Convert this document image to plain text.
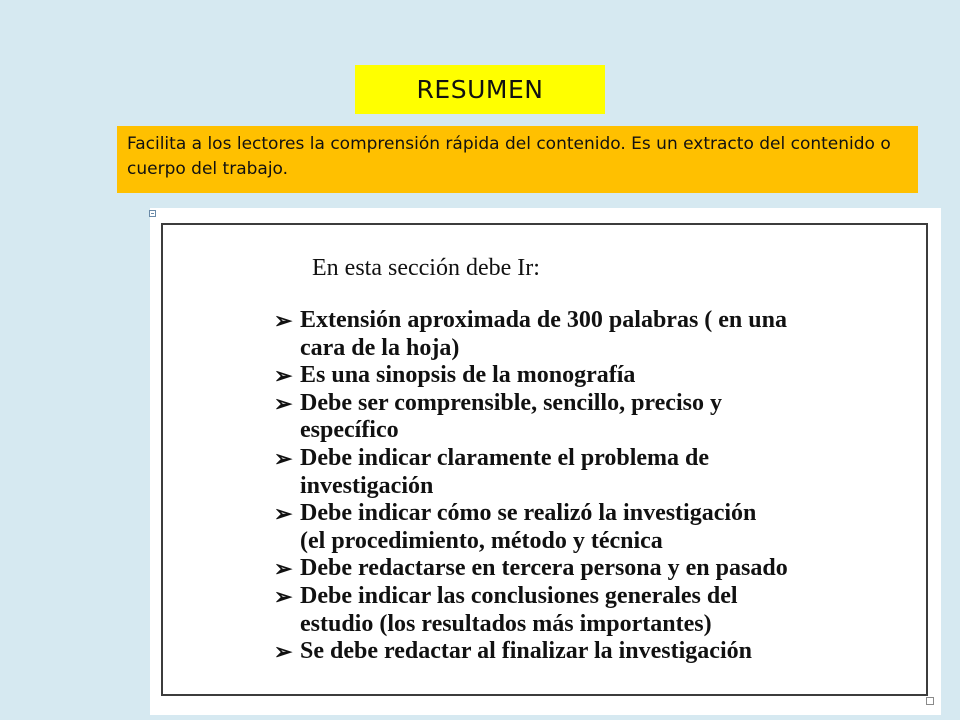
RESUMEN
Facilita a los lectores la comprensión rápida del contenido. Es un extracto del contenido o cuerpo del trabajo.
En esta sección debe Ir:
➢ Extensión aproximada de 300 palabras ( en una
cara de la hoja)
➢ Es una sinopsis de la monografía
➢ Debe ser comprensible, sencillo, preciso y
específico
➢ Debe indicar claramente el problema de
investigación
➢ Debe indicar cómo se realizó la investigación
(el procedimiento, método y técnica
➢ Debe redactarse en tercera persona y en pasado
➢ Debe indicar las conclusiones generales del
estudio (los resultados más importantes)
➢ Se debe redactar al finalizar la investigación
